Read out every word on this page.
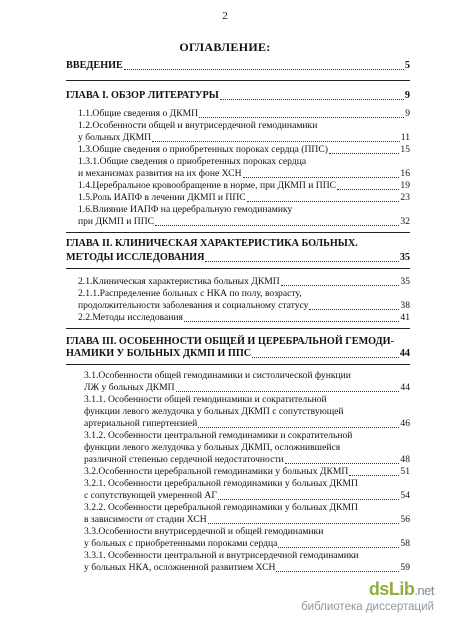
2
ОГЛАВЛЕНИЕ:
ВВЕДЕНИЕ	5
ГЛАВА I. ОБЗОР ЛИТЕРАТУРЫ	9
1.1.Общие сведения о ДКМП	9
1.2.Особенности общей и внутрисердечной гемодинамики
у больных ДКМП	11
1.3.Общие сведения о приобретенных пороках сердца (ППС)	15
1.3.1.Общие сведения о приобретенных пороках сердца
и механизмах развития на их фоне ХСН	16
1.4.Церебральное кровообращение в норме, при ДКМП и ППС	19
1.5.Роль ИАПФ в лечении ДКМП и ППС	23
1.6.Влияние ИАПФ на церебральную гемодинамику
при ДКМП и ППС	32
ГЛАВА II. КЛИНИЧЕСКАЯ ХАРАКТЕРИСТИКА БОЛЬНЫХ.
МЕТОДЫ ИССЛЕДОВАНИЯ	35
2.1.Клиническая характеристика больных ДКМП	35
2.1.1.Распределение больных с НКА по полу, возрасту,
продолжительности заболевания и социальному статусу	38
2.2.Методы исследования	41
ГЛАВА III. ОСОБЕННОСТИ ОБЩЕЙ И ЦЕРЕБРАЛЬНОЙ ГЕМОДИ-
НАМИКИ У БОЛЬНЫХ ДКМП И ППС	44
3.1.Особенности общей гемодинамики и систолической функции
ЛЖ у больных ДКМП	44
3.1.1. Особенности общей гемодинамики и сократительной
функции левого желудочка у больных ДКМП с сопутствующей
артериальной гипертензией	46
3.1.2. Особенности центральной гемодинамики и сократительной
функции левого желудочка у больных ДКМП, осложнившейся
различной степенью сердечной недостаточности	48
3.2.Особенности церебральной гемодинамики у больных ДКМП	51
3.2.1. Особенности церебральной гемодинамики у больных ДКМП
с сопутствующей умеренной АГ	54
3.2.2. Особенности церебральной гемодинамики у больных ДКМП
в зависимости от стадии ХСН	56
3.3.Особенности внутрисердечной и общей гемодинамики
у больных с приобретенными пороками сердца	58
3.3.1. Особенности центральной и внутрисердечной гемодинамики
у больных НКА, осложненной развитием ХСН	59
dsLib.net
библиотека диссертаций
